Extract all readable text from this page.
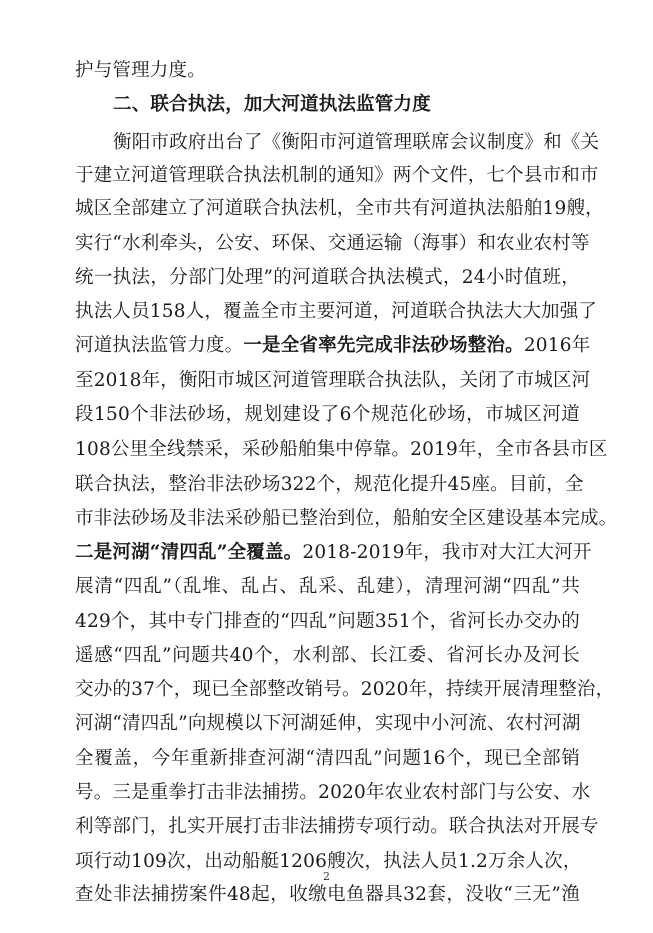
护与管理力度。
二、联合执法，加大河道执法监管力度
衡阳市政府出台了《衡阳市河道管理联席会议制度》和《关
于建立河道管理联合执法机制的通知》两个文件，七个县市和市
城区全部建立了河道联合执法机，全市共有河道执法船舶19艘，
实行“水利牵头，公安、环保、交通运输（海事）和农业农村等
统一执法，分部门处理”的河道联合执法模式，24小时值班，
执法人员158人，覆盖全市主要河道，河道联合执法大大加强了
河道执法监管力度。一是全省率先完成非法砂场整治。2016年
至2018年，衡阳市城区河道管理联合执法队，关闭了市城区河
段150个非法砂场，规划建设了6个规范化砂场，市城区河道
108公里全线禁采，采砂船舶集中停靠。2019年，全市各县市区
联合执法，整治非法砂场322个，规范化提升45座。目前，全
市非法砂场及非法采砂船已整治到位，船舶安全区建设基本完成。
二是河湖“清四乱”全覆盖。2018-2019年，我市对大江大河开
展清“四乱”（乱堆、乱占、乱采、乱建），清理河湖“四乱”共
429个，其中专门排查的“四乱”问题351个，省河长办交办的
遥感“四乱”问题共40个，水利部、长江委、省河长办及河长
交办的37个，现已全部整改销号。2020年，持续开展清理整治，
河湖“清四乱”向规模以下河湖延伸，实现中小河流、农村河湖
全覆盖，今年重新排查河湖“清四乱”问题16个，现已全部销
号。三是重拳打击非法捕捞。2020年农业农村部门与公安、水
利等部门，扎实开展打击非法捕捞专项行动。联合执法对开展专
项行动109次，出动船艇1206艘次，执法人员1.2万余人次，
查处非法捕捞案件48起，收缴电鱼器具32套，没收“三无”渔
2
